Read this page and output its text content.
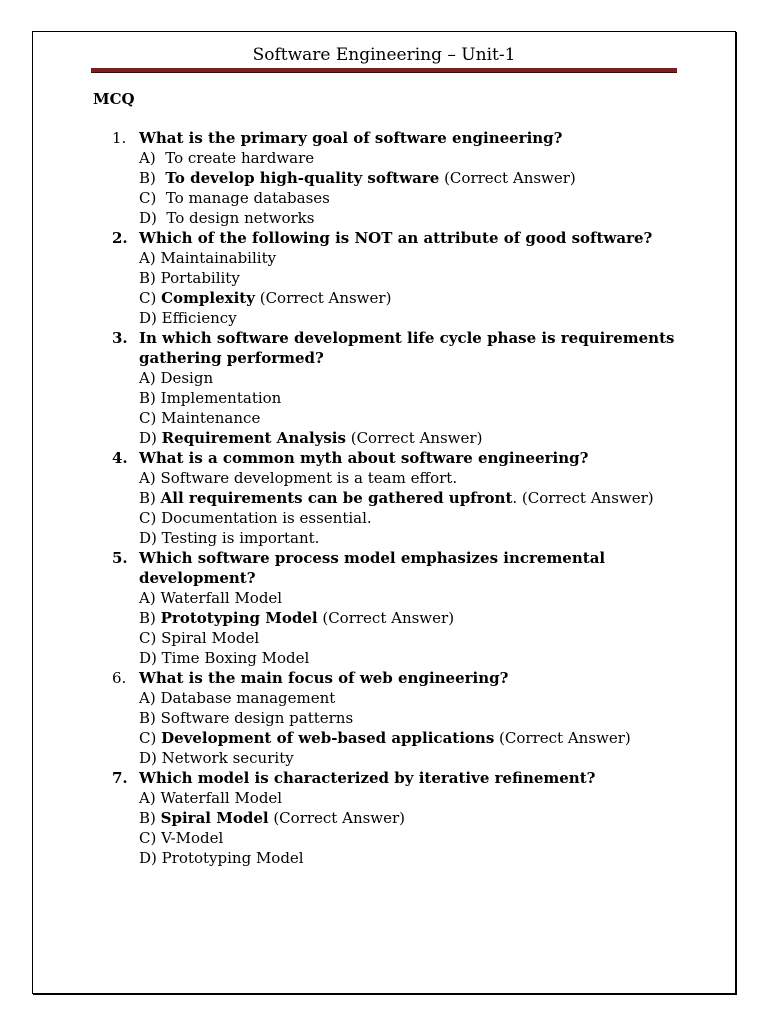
Software Engineering – Unit-1
MCQ
1. What is the primary goal of software engineering?
A)  To create hardware
B)  To develop high-quality software (Correct Answer)
C)  To manage databases
D)  To design networks
2. Which of the following is NOT an attribute of good software?
A) Maintainability
B) Portability
C) Complexity (Correct Answer)
D) Efficiency
3. In which software development life cycle phase is requirements gathering performed?
A) Design
B) Implementation
C) Maintenance
D) Requirement Analysis (Correct Answer)
4. What is a common myth about software engineering?
A) Software development is a team effort.
B) All requirements can be gathered upfront. (Correct Answer)
C) Documentation is essential.
D) Testing is important.
5. Which software process model emphasizes incremental development?
A) Waterfall Model
B) Prototyping Model (Correct Answer)
C) Spiral Model
D) Time Boxing Model
6. What is the main focus of web engineering?
A) Database management
B) Software design patterns
C) Development of web-based applications (Correct Answer)
D) Network security
7. Which model is characterized by iterative refinement?
A) Waterfall Model
B) Spiral Model (Correct Answer)
C) V-Model
D) Prototyping Model
